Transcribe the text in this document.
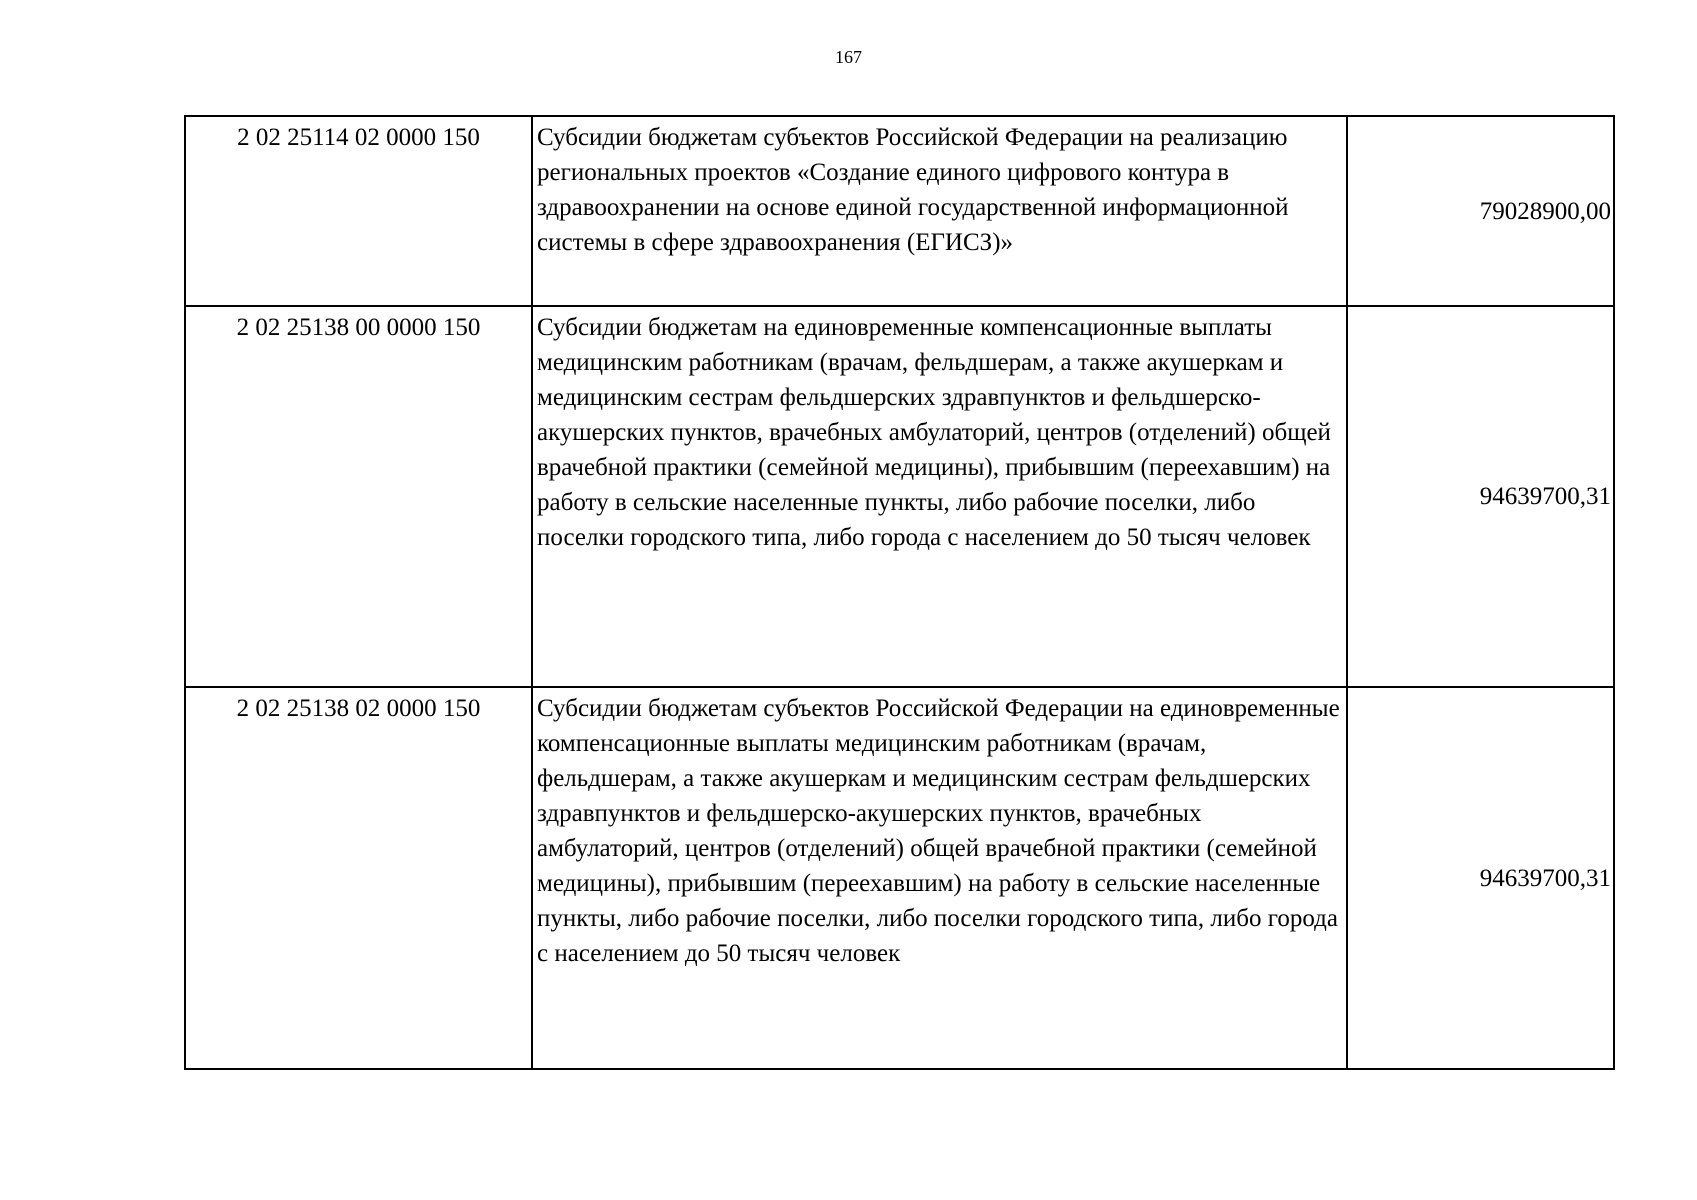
167
2 02 25114 02 0000 150	Субсидии бюджетам субъектов Российской Федерации на реализацию региональных проектов «Создание единого цифрового контура в здравоохранении на основе единой государственной информационной системы в сфере здравоохранения (ЕГИСЗ)»	79028900,00
2 02 25138 00 0000 150	Субсидии бюджетам на единовременные компенсационные выплаты медицинским работникам (врачам, фельдшерам, а также акушеркам и медицинским сестрам фельдшерских здравпунктов и фельдшерско-акушерских пунктов, врачебных амбулаторий, центров (отделений) общей врачебной практики (семейной медицины), прибывшим (переехавшим) на работу в сельские населенные пункты, либо рабочие поселки, либо поселки городского типа, либо города с населением до 50 тысяч человек	94639700,31
2 02 25138 02 0000 150	Субсидии бюджетам субъектов Российской Федерации на единовременные компенсационные выплаты медицинским работникам (врачам, фельдшерам, а также акушеркам и медицинским сестрам фельдшерских здравпунктов и фельдшерско-акушерских пунктов, врачебных амбулаторий, центров (отделений) общей врачебной практики (семейной медицины), прибывшим (переехавшим) на работу в сельские населенные пункты, либо рабочие поселки, либо поселки городского типа, либо города с населением до 50 тысяч человек	94639700,31
